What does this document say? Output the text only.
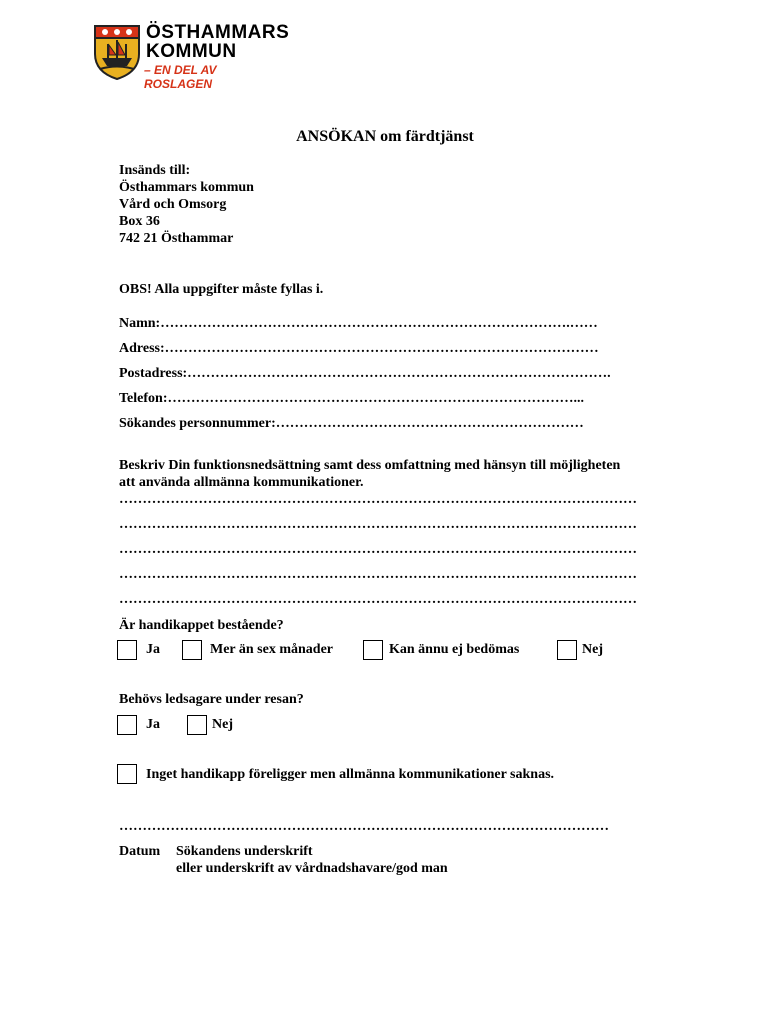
ÖSTHAMMARS
KOMMUN
– EN DEL AV ROSLAGEN
ANSÖKAN om färdtjänst
Insänds till:
Östhammars kommun
Vård och Omsorg
Box 36
742 21 Östhammar
OBS! Alla uppgifter måste fyllas i.
Namn:…………………………………………………………………………….……
Adress:…………………………………………………………………………………
Postadress:……………………………………………………………………………….
Telefon:……………………………………………………………………………...
Sökandes personnummer:…………………………………………………………
Beskriv Din funktionsnedsättning samt dess omfattning med hänsyn till möjligheten
att använda allmänna kommunikationer.
…………………………………………………………………………………………………
…………………………………………………………………………………………………
…………………………………………………………………………………………………
…………………………………………………………………………………………………
…………………………………………………………………………………………………
Är handikappet bestående?
Ja	Mer än sex månader	Kan ännu ej bedömas	Nej
Behövs ledsagare under resan?
Ja	Nej
Inget handikapp föreligger men allmänna kommunikationer saknas.
……………………………………………………………………………………………
Datum Sökandens underskrift
eller underskrift av vårdnadshavare/god man
